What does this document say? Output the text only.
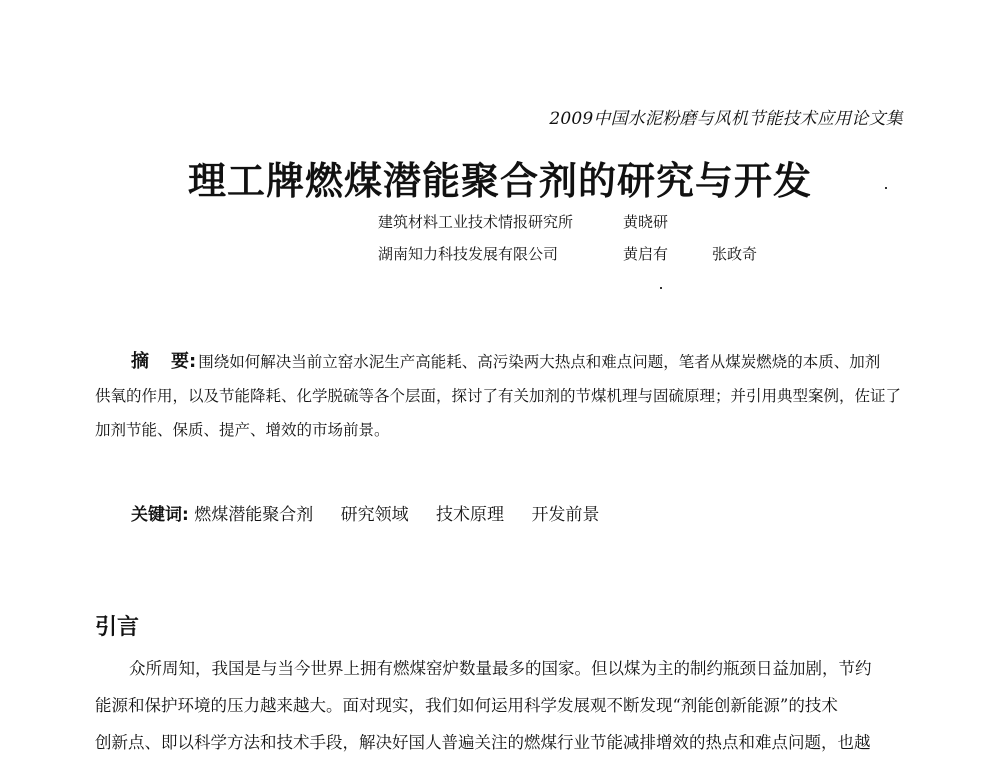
2009中国水泥粉磨与风机节能技术应用论文集
理工牌燃煤潜能聚合剂的研究与开发
建筑材料工业技术情报研究所	黄晓研
湖南知力科技发展有限公司	黄启有	张政奇
摘 要: 围绕如何解决当前立窑水泥生产高能耗、高污染两大热点和难点问题，笔者从煤炭燃烧的本质、加剂
供氧的作用，以及节能降耗、化学脱硫等各个层面，探讨了有关加剂的节煤机理与固硫原理；并引用典型案例，佐证了
加剂节能、保质、提产、增效的市场前景。
关键词: 燃煤潜能聚合剂 研究领域 技术原理 开发前景
引言
众所周知，我国是与当今世界上拥有燃煤窑炉数量最多的国家。但以煤为主的制约瓶颈日益加剧，节约
能源和保护环境的压力越来越大。面对现实，我们如何运用科学发展观不断发现“剂能创新能源”的技术
创新点、即以科学方法和技术手段，解决好国人普遍关注的燃煤行业节能减排增效的热点和难点问题，也越
